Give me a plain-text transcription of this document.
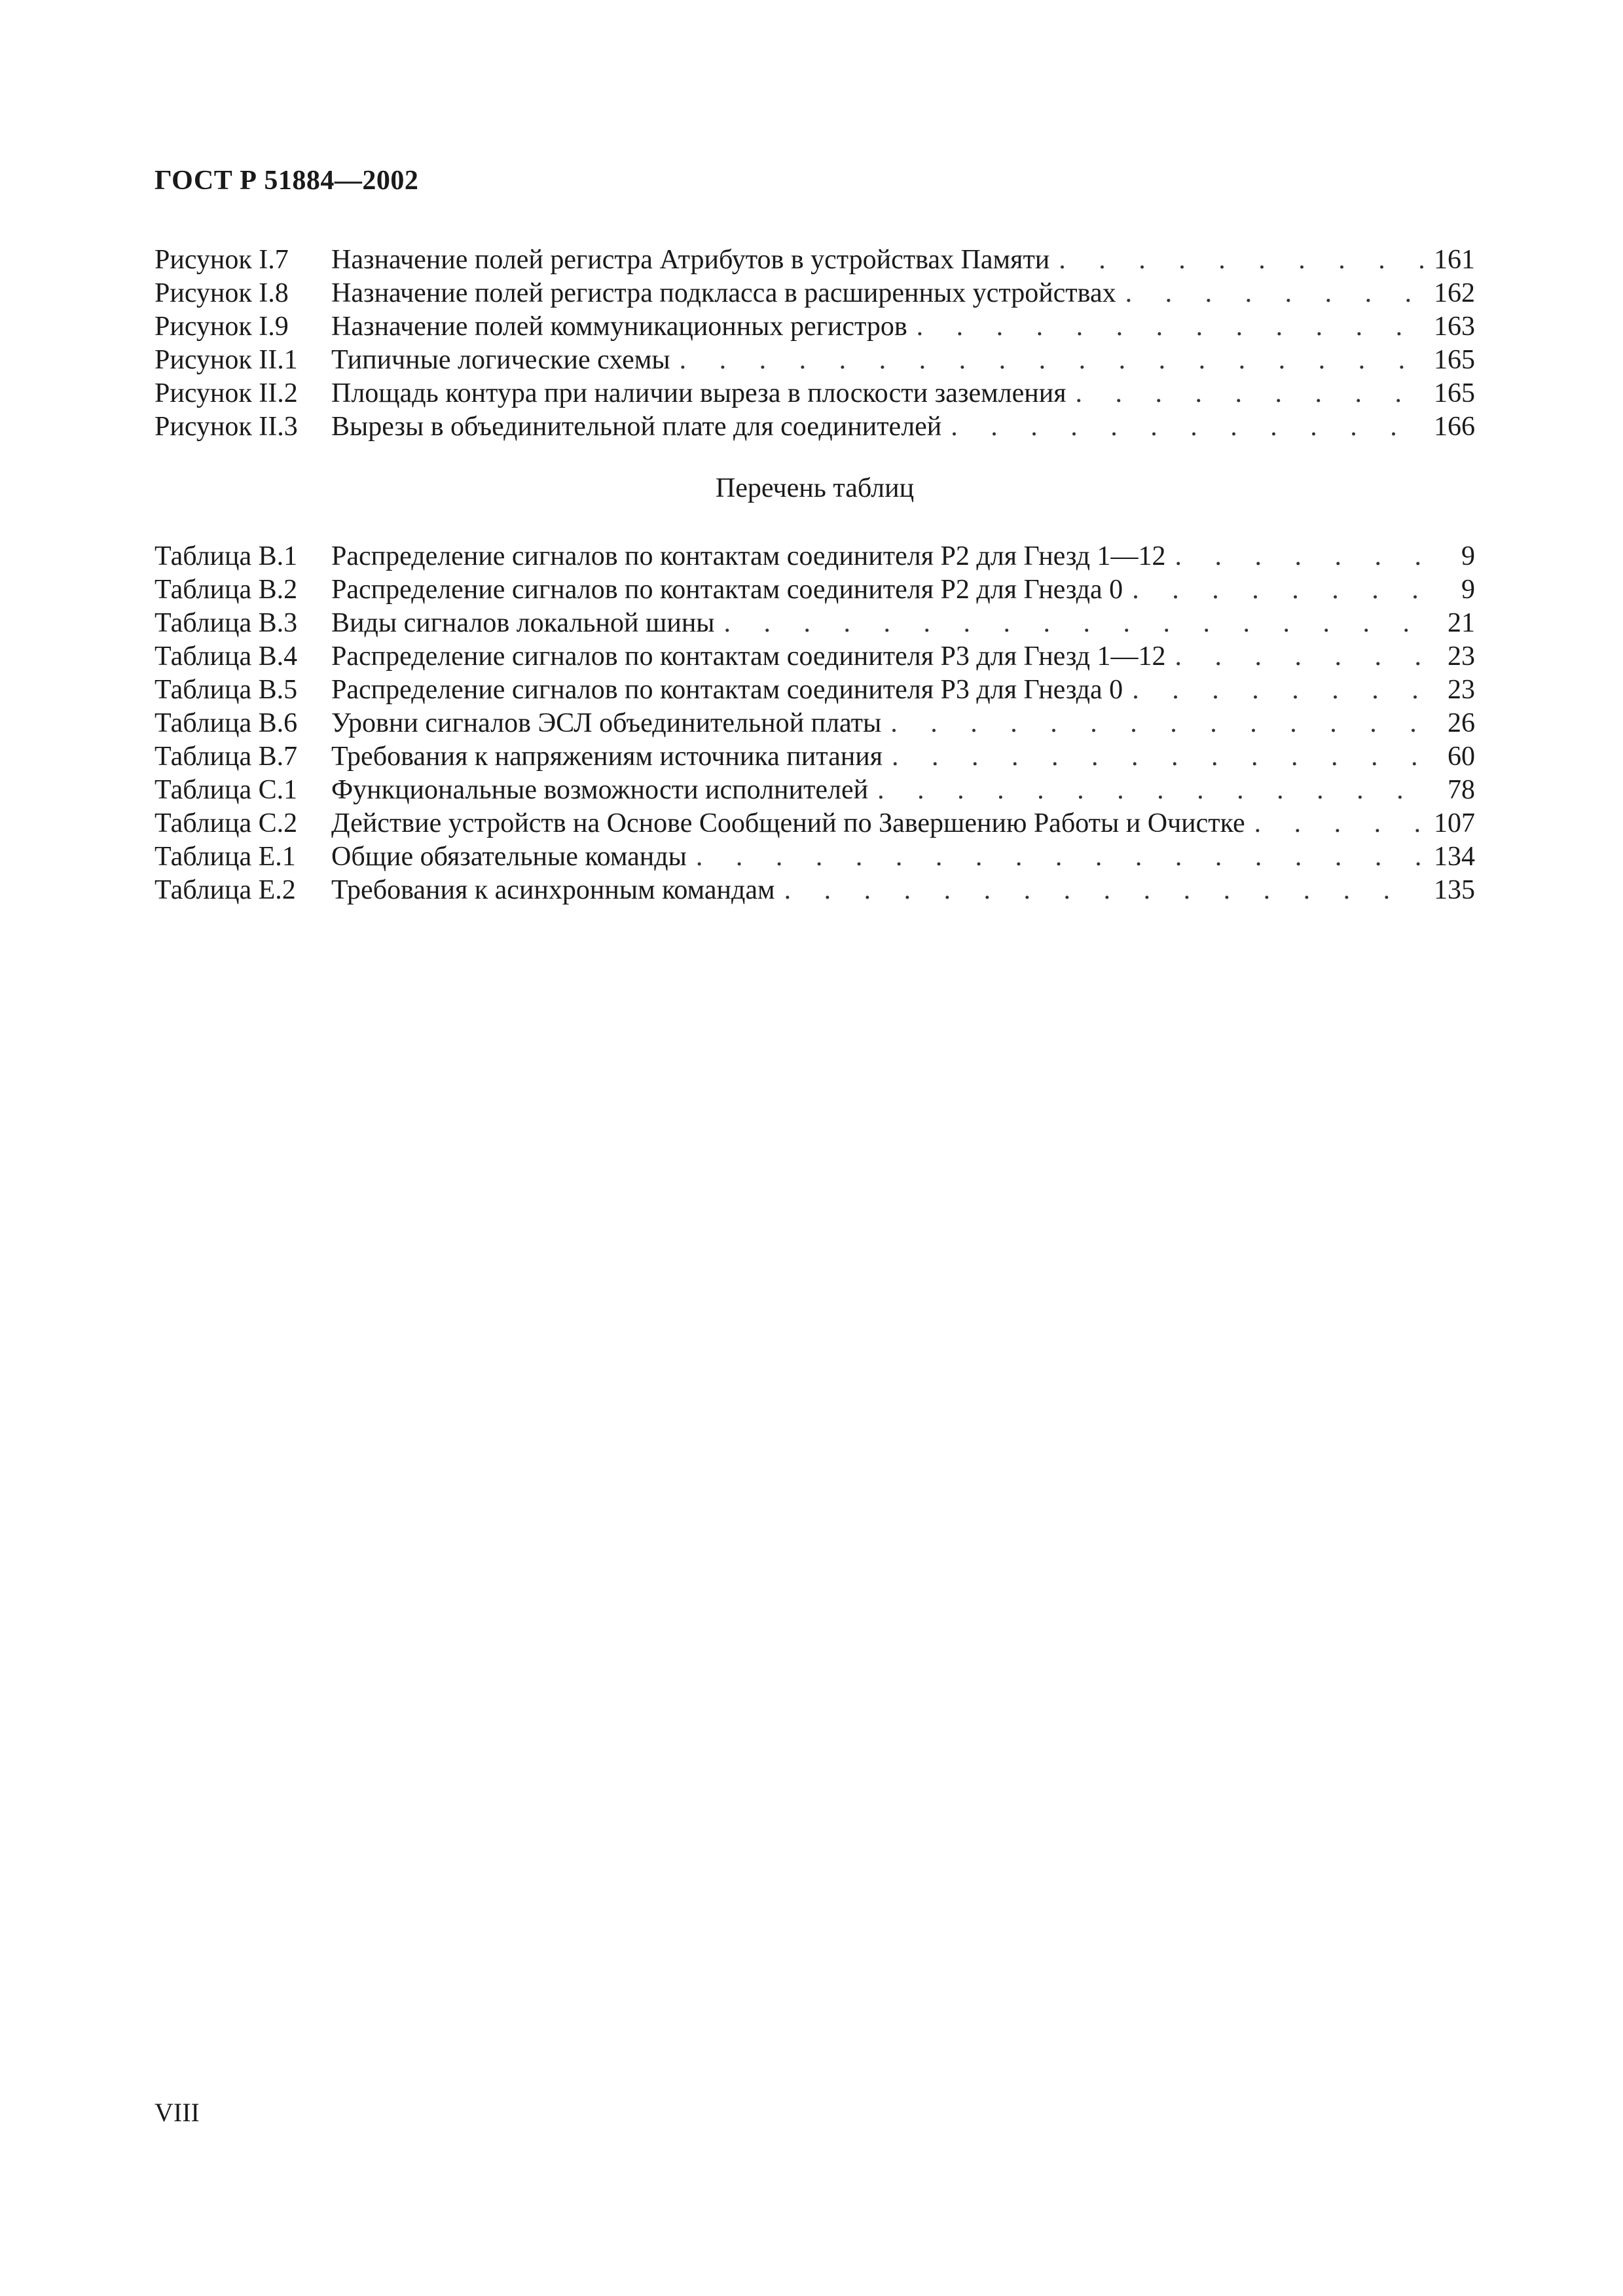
ГОСТ Р 51884—2002
Рисунок I.7	Назначение полей регистра Атрибутов в устройствах Памяти . . .	161
Рисунок I.8	Назначение полей регистра подкласса в расширенных устройствах . . .	162
Рисунок I.9	Назначение полей коммуникационных регистров . . .	163
Рисунок II.1	Типичные логические схемы . . .	165
Рисунок II.2	Площадь контура при наличии выреза в плоскости заземления . . .	165
Рисунок II.3	Вырезы в объединительной плате для соединителей . . .	166
Перечень таблиц
Таблица В.1	Распределение сигналов по контактам соединителя Р2 для Гнезд 1—12 . . .	9
Таблица В.2	Распределение сигналов по контактам соединителя Р2 для Гнезда 0 . . .	9
Таблица В.3	Виды сигналов локальной шины . . .	21
Таблица В.4	Распределение сигналов по контактам соединителя Р3 для Гнезд 1—12 . . .	23
Таблица В.5	Распределение сигналов по контактам соединителя Р3 для Гнезда 0 . . .	23
Таблица В.6	Уровни сигналов ЭСЛ объединительной платы . . .	26
Таблица В.7	Требования к напряжениям источника питания . . .	60
Таблица С.1	Функциональные возможности исполнителей . . .	78
Таблица С.2	Действие устройств на Основе Сообщений по Завершению Работы и Очистке . . .	107
Таблица Е.1	Общие обязательные команды . . .	134
Таблица Е.2	Требования к асинхронным командам . . .	135
VIII
